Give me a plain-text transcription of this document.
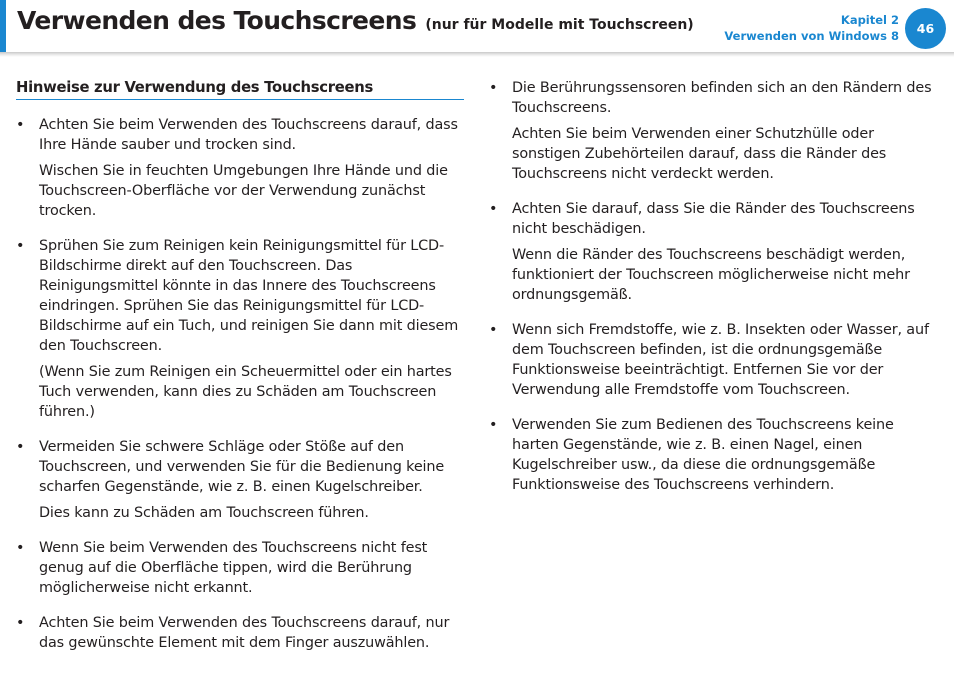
Verwenden des Touchscreens (nur für Modelle mit Touchscreen)	Kapitel 2
Verwenden von Windows 8	46
Hinweise zur Verwendung des Touchscreens
• Achten Sie beim Verwenden des Touchscreens darauf, dass Ihre Hände sauber und trocken sind.

Wischen Sie in feuchten Umgebungen Ihre Hände und die Touchscreen-Oberfläche vor der Verwendung zunächst trocken.

• Sprühen Sie zum Reinigen kein Reinigungsmittel für LCD-Bildschirme direkt auf den Touchscreen. Das Reinigungsmittel könnte in das Innere des Touchscreens eindringen. Sprühen Sie das Reinigungsmittel für LCD-Bildschirme auf ein Tuch, und reinigen Sie dann mit diesem den Touchscreen.

(Wenn Sie zum Reinigen ein Scheuermittel oder ein hartes Tuch verwenden, kann dies zu Schäden am Touchscreen führen.)

• Vermeiden Sie schwere Schläge oder Stöße auf den Touchscreen, und verwenden Sie für die Bedienung keine scharfen Gegenstände, wie z. B. einen Kugelschreiber.

Dies kann zu Schäden am Touchscreen führen.

• Wenn Sie beim Verwenden des Touchscreens nicht fest genug auf die Oberfläche tippen, wird die Berührung möglicherweise nicht erkannt.

• Achten Sie beim Verwenden des Touchscreens darauf, nur das gewünschte Element mit dem Finger auszuwählen.

• Die Berührungssensoren befinden sich an den Rändern des Touchscreens.

Achten Sie beim Verwenden einer Schutzhülle oder sonstigen Zubehörteilen darauf, dass die Ränder des Touchscreens nicht verdeckt werden.

• Achten Sie darauf, dass Sie die Ränder des Touchscreens nicht beschädigen.

Wenn die Ränder des Touchscreens beschädigt werden, funktioniert der Touchscreen möglicherweise nicht mehr ordnungsgemäß.

• Wenn sich Fremdstoffe, wie z. B. Insekten oder Wasser, auf dem Touchscreen befinden, ist die ordnungsgemäße Funktionsweise beeinträchtigt. Entfernen Sie vor der Verwendung alle Fremdstoffe vom Touchscreen.

• Verwenden Sie zum Bedienen des Touchscreens keine harten Gegenstände, wie z. B. einen Nagel, einen Kugelschreiber usw., da diese die ordnungsgemäße Funktionsweise des Touchscreens verhindern.
